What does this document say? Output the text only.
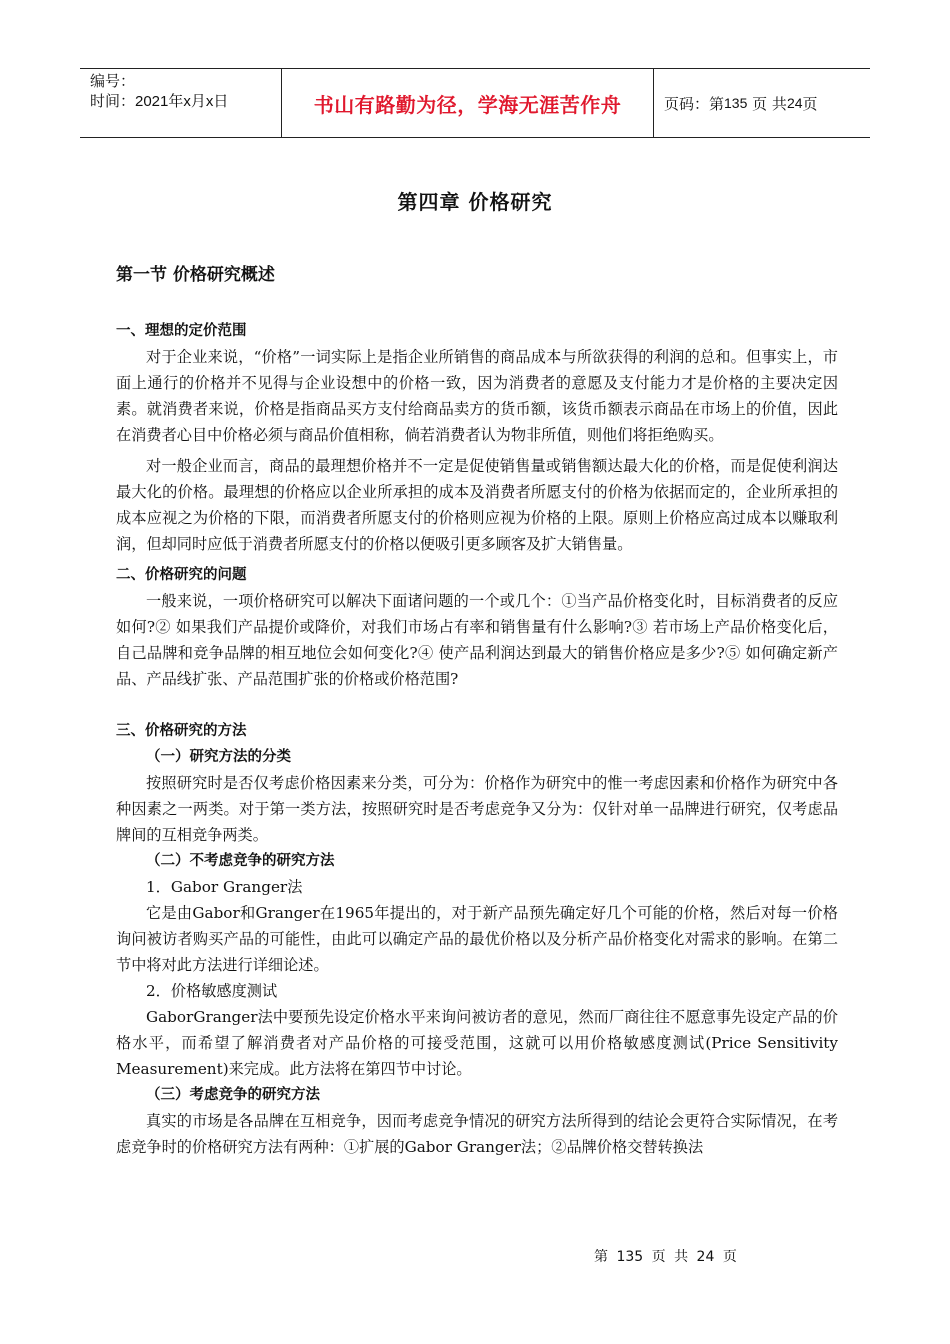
编号：
时间：2021年x月x日	书山有路勤为径，学海无涯苦作舟	页码：第 135
页 共 24 页
第四章 价格研究
第一节 价格研究概述
一、理想的定价范围

对于企业来说，“价格”一词实际上是指企业所销售的商品成本与所欲获得的利润的总和。但事实上，市面上通行的价格并不见得与企业设想中的价格一致，因为消费者的意愿及支付能力才是价格的主要决定因素。就消费者来说，价格是指商品买方支付给商品卖方的货币额，该货币额表示商品在市场上的价值，因此在消费者心目中价格必须与商品价值相称，倘若消费者认为物非所值，则他们将拒绝购买。

对一般企业而言，商品的最理想价格并不一定是促使销售量或销售额达最大化的价格，而是促使利润达最大化的价格。最理想的价格应以企业所承担的成本及消费者所愿支付的价格为依据而定的，企业所承担的成本应视之为价格的下限，而消费者所愿支付的价格则应视为价格的上限。原则上价格应高过成本以赚取利润，但却同时应低于消费者所愿支付的价格以便吸引更多顾客及扩大销售量。

二、价格研究的问题

一般来说，一项价格研究可以解决下面诸问题的一个或几个：①当产品价格变化时，目标消费者的反应如何?② 如果我们产品提价或降价，对我们市场占有率和销售量有什么影响?③ 若市场上产品价格变化后，自己品牌和竞争品牌的相互地位会如何变化?④ 使产品利润达到最大的销售价格应是多少?⑤ 如何确定新产品、产品线扩张、产品范围扩张的价格或价格范围?

三、价格研究的方法
（一）研究方法的分类

按照研究时是否仅考虑价格因素来分类，可分为：价格作为研究中的惟一考虑因素和价格作为研究中各种因素之一两类。对于第一类方法，按照研究时是否考虑竞争又分为：仅针对单一品牌进行研究，仅考虑品牌间的互相竞争两类。

（二）不考虑竞争的研究方法
1．Gabor Granger法

它是由Gabor和Granger在1965年提出的，对于新产品预先确定好几个可能的价格，然后对每一价格询问被访者购买产品的可能性，由此可以确定产品的最优价格以及分析产品价格变化对需求的影响。在第二节中将对此方法进行详细论述。

2．价格敏感度测试

GaborGranger法中要预先设定价格水平来询问被访者的意见，然而厂商往往不愿意事先设定产品的价格水平，而希望了解消费者对产品价格的可接受范围，这就可以用价格敏感度测试(Price Sensitivity Measurement)来完成。此方法将在第四节中讨论。

（三）考虑竞争的研究方法

真实的市场是各品牌在互相竞争，因而考虑竞争情况的研究方法所得到的结论会更符合实际情况，在考虑竞争时的价格研究方法有两种：①扩展的Gabor Granger法；②品牌价格交替转换法

第 135 页 共 24 页
